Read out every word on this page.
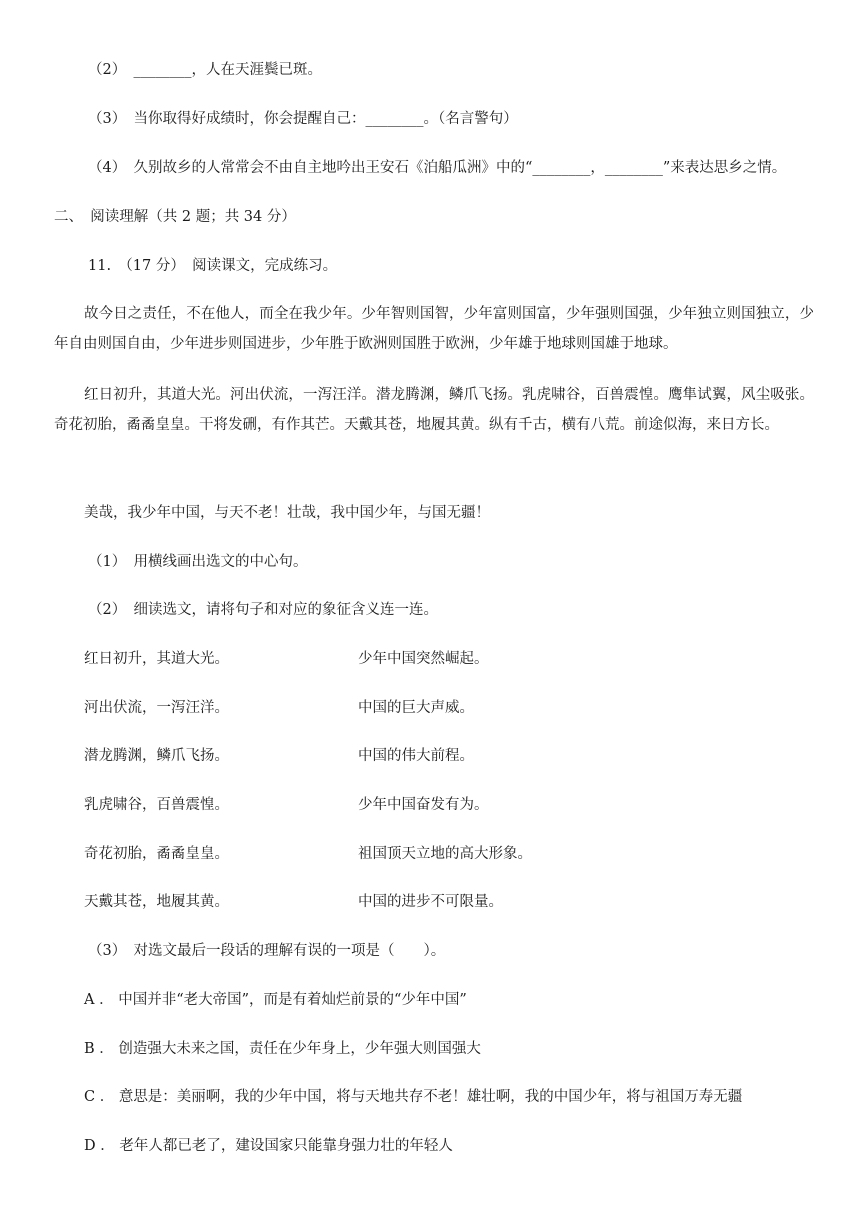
（2）　________，人在天涯鬓已斑。
（3）　当你取得好成绩时，你会提醒自己：________。（名言警句）
（4）　久别故乡的人常常会不由自主地吟出王安石《泊船瓜洲》中的“________，________”来表达思乡之情。
二、　阅读理解（共 2 题；共 34 分）
11.　（17 分）　阅读课文，完成练习。
故今日之责任，不在他人，而全在我少年。少年智则国智，少年富则国富，少年强则国强，少年独立则国独立，少年自由则国自由，少年进步则国进步，少年胜于欧洲则国胜于欧洲，少年雄于地球则国雄于地球。
红日初升，其道大光。河出伏流，一泻汪洋。潜龙腾渊，鳞爪飞扬。乳虎啸谷，百兽震惶。鹰隼试翼，风尘吸张。奇花初胎，矞矞皇皇。干将发硎，有作其芒。天戴其苍，地履其黄。纵有千古，横有八荒。前途似海，来日方长。
美哉，我少年中国，与天不老！壮哉，我中国少年，与国无疆！
（1）　用横线画出选文的中心句。
（2）　细读选文，请将句子和对应的象征含义连一连。
红日初升，其道大光。	少年中国突然崛起。
河出伏流，一泻汪洋。	中国的巨大声威。
潜龙腾渊，鳞爪飞扬。	中国的伟大前程。
乳虎啸谷，百兽震惶。	少年中国奋发有为。
奇花初胎，矞矞皇皇。	祖国顶天立地的高大形象。
天戴其苍，地履其黄。	中国的进步不可限量。
（3）　对选文最后一段话的理解有误的一项是（　　）。
A ． 中国并非“老大帝国”，而是有着灿烂前景的“少年中国”
B ． 创造强大未来之国，责任在少年身上，少年强大则国强大
C ． 意思是：美丽啊，我的少年中国，将与天地共存不老！雄壮啊，我的中国少年，将与祖国万寿无疆
D ． 老年人都已老了，建设国家只能靠身强力壮的年轻人
